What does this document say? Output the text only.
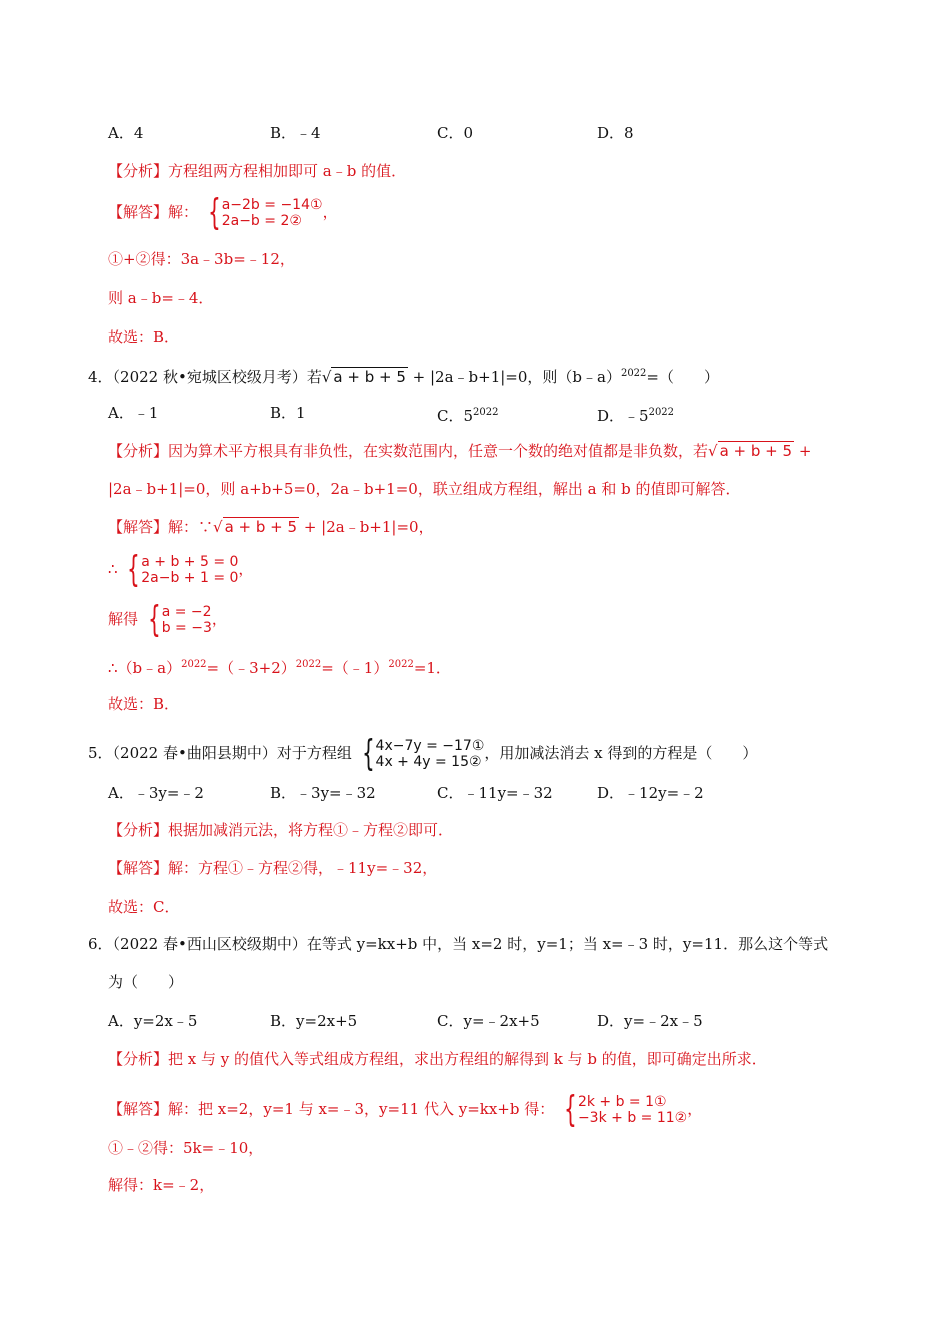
A．4	B．﹣4	C．0	D．8
【分析】方程组两方程相加即可 a﹣b 的值．
【解答】解： { a−2b = −14①
2a−b = 2②	，
①+②得：3a﹣3b=﹣12，
则 a﹣b=﹣4．
故选：B．
4．（2022 秋•宛城区校级月考）若√ a + b + 5 + |2a﹣b+1|=0，则（b﹣a）$^{2022}$=（　　）
A．﹣1	B．1	C．$5^{2022}$	D．$﹣5^{2022}$
【分析】因为算术平方根具有非负性，在实数范围内，任意一个数的绝对值都是非负数，若√ a + b + 5 +
|2a﹣b+1|=0，则 a+b+5=0，2a﹣b+1=0，联立组成方程组，解出 a 和 b 的值即可解答．
【解答】解：∵√ a + b + 5 + |2a﹣b+1|=0，
∴ { a + b + 5 = 0
2a−b + 1 = 0 ，
解得 { a = −2
b = −3 ，
∴（b﹣a）$^{2022}$=（﹣3+2）$^{2022}$=（﹣1）$^{2022}$=1．
故选：B．
5．（2022 春•曲阳县期中）对于方程组 { 4x−7y = −17①
4x + 4y = 15② ，用加减法消去 x 得到的方程是（　　）
A．﹣3y=﹣2	B．﹣3y=﹣32	C．﹣11y=﹣32	D．﹣12y=﹣2
【分析】根据加减消元法，将方程①﹣方程②即可．
【解答】解：方程①﹣方程②得，﹣11y=﹣32，
故选：C．
6．（2022 春•西山区校级期中）在等式 y=kx+b 中，当 x=2 时，y=1；当 x=﹣3 时，y=11．那么这个等式
为（　　）
A．y=2x﹣5	B．y=2x+5	C．y=﹣2x+5	D．y=﹣2x﹣5
【分析】把 x 与 y 的值代入等式组成方程组，求出方程组的解得到 k 与 b 的值，即可确定出所求．
【解答】解：把 x=2，y=1 与 x=﹣3，y=11 代入 y=kx+b 得： { 2k + b = 1①
−3k + b = 11② ，
①﹣②得：5k=﹣10，
解得：k=﹣2，
